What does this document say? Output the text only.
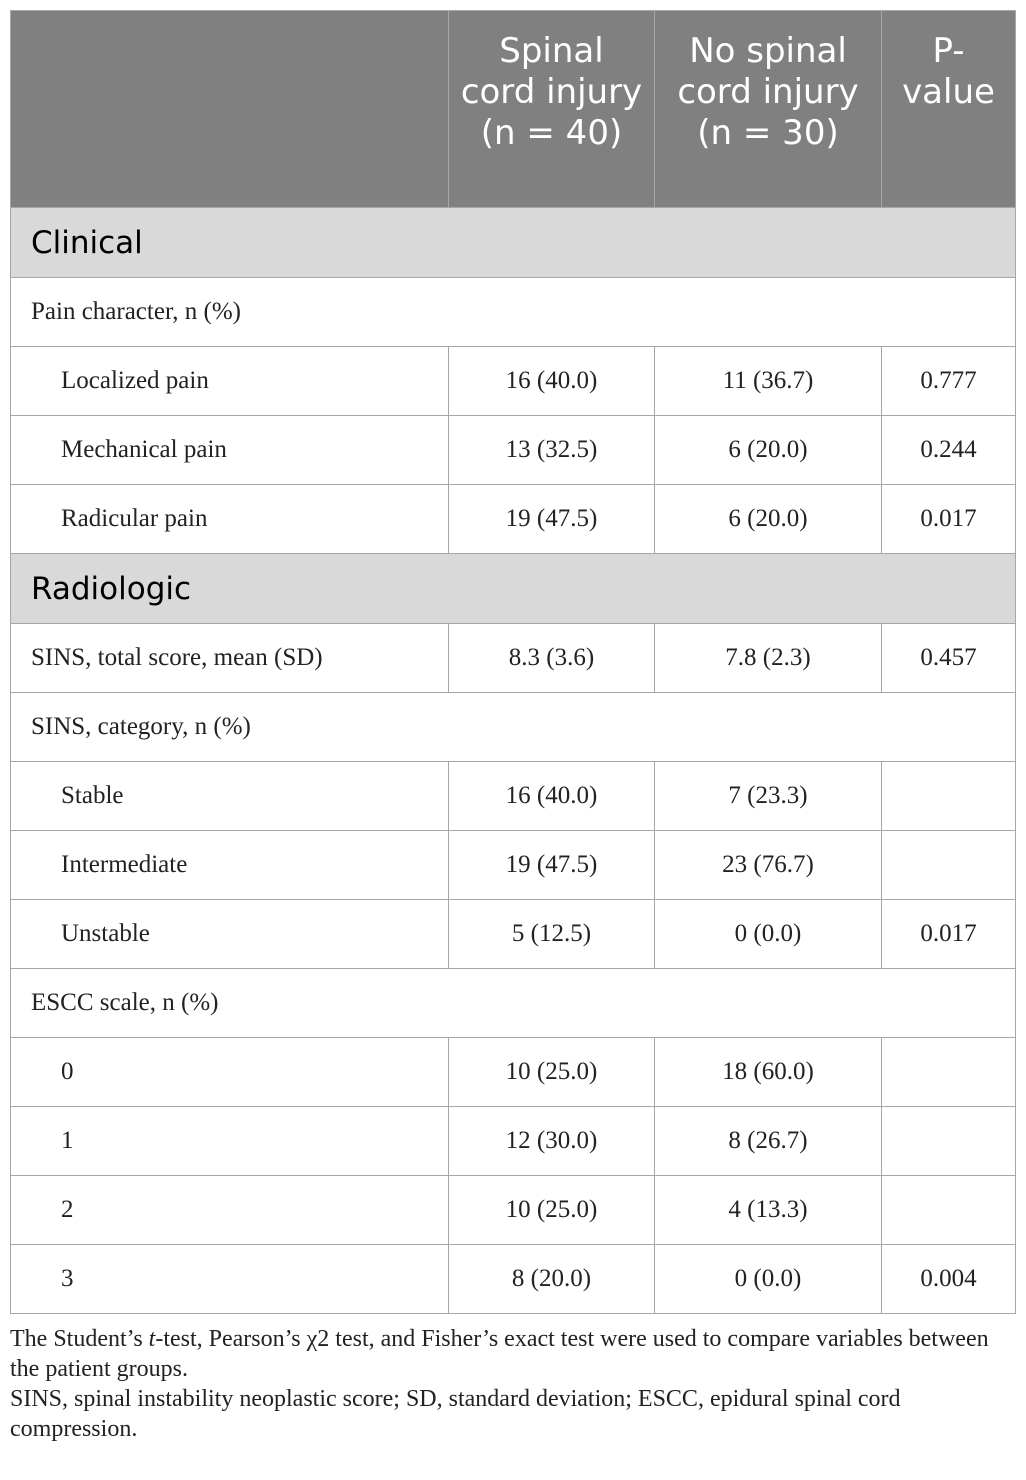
	Spinal cord injury (n = 40)	No spinal cord injury (n = 30)	P-value

Clinical			
Pain character, n (%)			
Localized pain	16 (40.0)	11 (36.7)	0.777
Mechanical pain	13 (32.5)	6 (20.0)	0.244
Radicular pain	19 (47.5)	6 (20.0)	0.017
Radiologic			
SINS, total score, mean (SD)	8.3 (3.6)	7.8 (2.3)	0.457
SINS, category, n (%)			
Stable	16 (40.0)	7 (23.3)	
Intermediate	19 (47.5)	23 (76.7)	
Unstable	5 (12.5)	0 (0.0)	0.017
ESCC scale, n (%)			
0	10 (25.0)	18 (60.0)	
1	12 (30.0)	8 (26.7)	
2	10 (25.0)	4 (13.3)	
3	8 (20.0)	0 (0.0)	0.004

The Student’s t-test, Pearson’s χ2 test, and Fisher’s exact test were used to compare variables between the patient groups.

SINS, spinal instability neoplastic score; SD, standard deviation; ESCC, epidural spinal cord compression.
